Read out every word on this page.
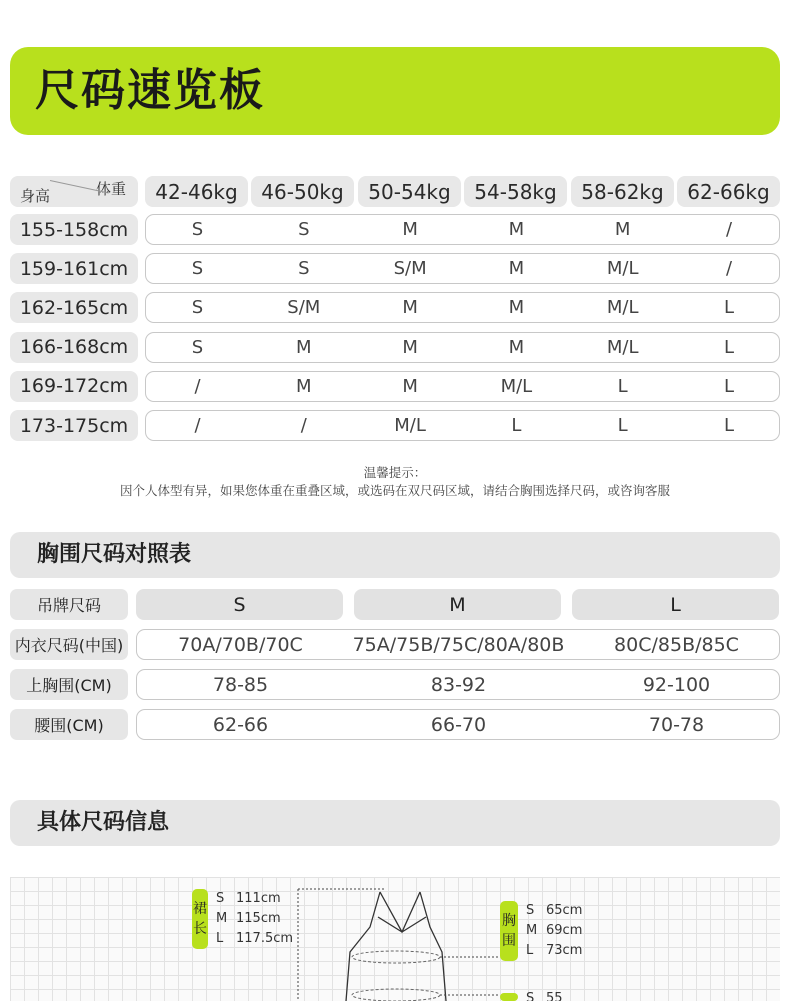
尺码速览板
身高	体重 42-46kg 46-50kg 50-54kg 54-58kg 58-62kg 62-66kg
155-158cm	S	S	M	M	M	/
159-161cm	S	S	S/M	M	M/L	/
162-165cm	S	S/M	M	M	M/L	L
166-168cm	S	M	M	M	M/L	L
169-172cm	/	M	M	M/L	L	L
173-175cm	/	/	M/L	L	L	L
温馨提示：
因个人体型有异，如果您体重在重叠区域，或选码在双尺码区域，请结合胸围选择尺码，或咨询客服
胸围尺码对照表
吊牌尺码	S	M	L
内衣尺码(中国)	70A/70B/70C	75A/75B/75C/80A/80B	80C/85B/85C
上胸围(CM)	78-85	83-92	92-100
腰围(CM)	62-66	66-70	70-78
具体尺码信息
裙
长
S 111cm
M 115cm
L 117.5cm
胸
围
S 65cm
M 69cm
L 73cm
S 55
